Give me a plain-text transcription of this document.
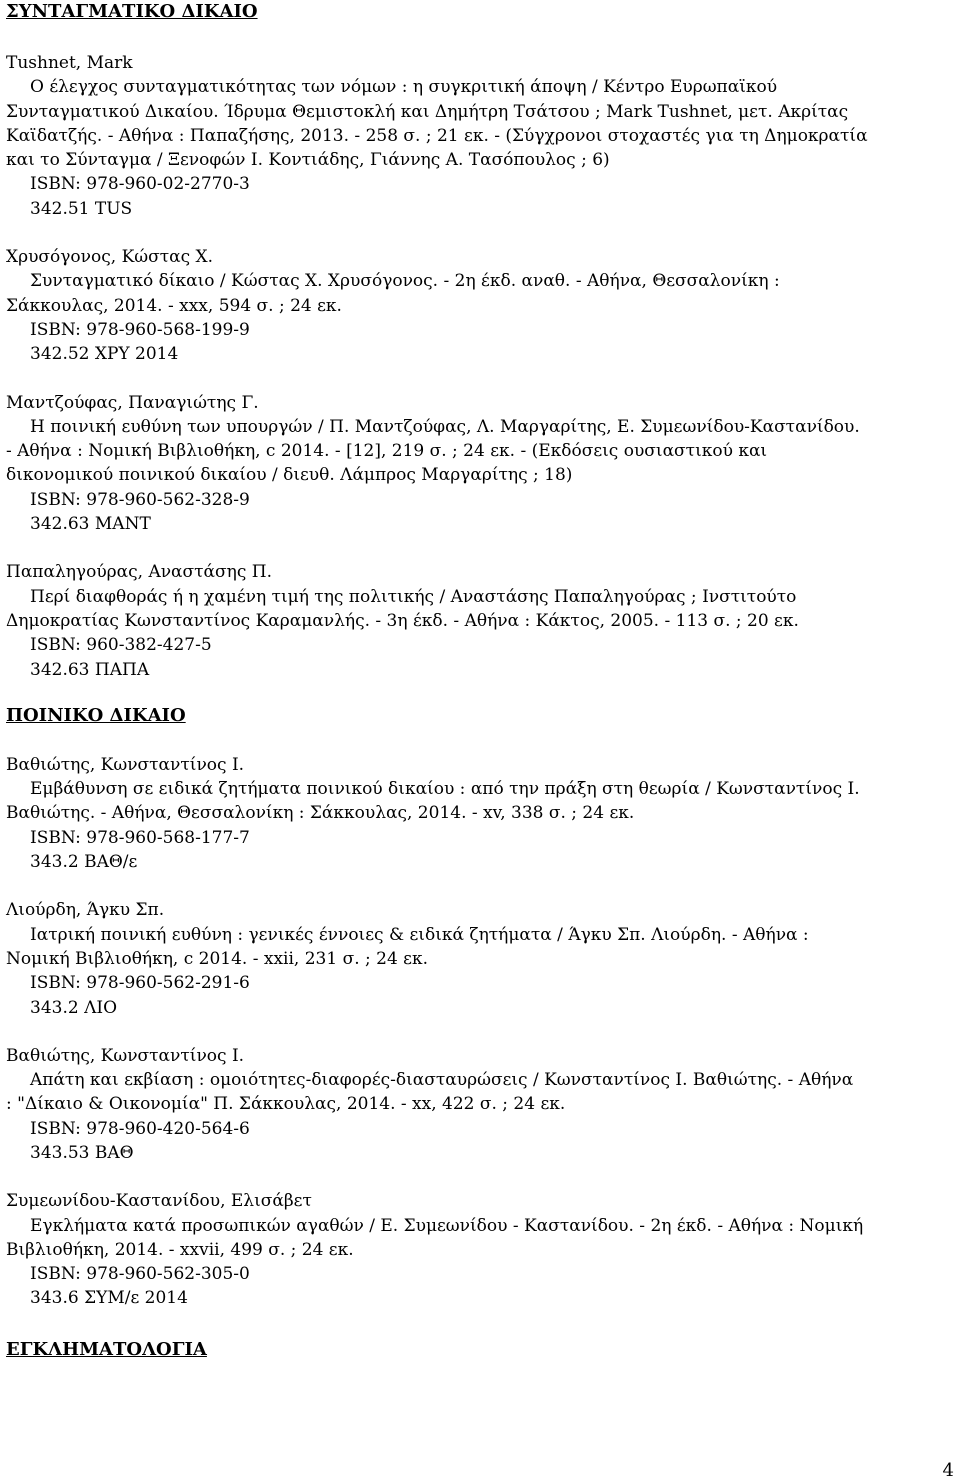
ΣΥΝΤΑΓΜΑΤΙΚΟ ΔΙΚΑΙΟ
Tushnet, Mark
Ο έλεγχος συνταγματικότητας των νόμων : η συγκριτική άποψη / Κέντρο Ευρωπαϊκού
Συνταγματικού Δικαίου. Ίδρυμα Θεμιστοκλή και Δημήτρη Τσάτσου ; Mark Tushnet, μετ. Ακρίτας
Καϊδατζής. - Αθήνα : Παπαζήσης, 2013. - 258 σ. ; 21 εκ. - (Σύγχρονοι στοχαστές για τη Δημοκρατία
και το Σύνταγμα / Ξενοφών Ι. Κοντιάδης, Γιάννης Α. Τασόπουλος ; 6)
ISBN: 978-960-02-2770-3
342.51 TUS
Χρυσόγονος, Κώστας Χ.
Συνταγματικό δίκαιο / Κώστας Χ. Χρυσόγονος. - 2η έκδ. αναθ. - Αθήνα, Θεσσαλονίκη :
Σάκκουλας, 2014. - xxx, 594 σ. ; 24 εκ.
ISBN: 978-960-568-199-9
342.52 ΧΡΥ 2014
Μαντζούφας, Παναγιώτης Γ.
Η ποινική ευθύνη των υπουργών / Π. Μαντζούφας, Λ. Μαργαρίτης, Ε. Συμεωνίδου-Καστανίδου.
- Αθήνα : Νομική Βιβλιοθήκη, c 2014. - [12], 219 σ. ; 24 εκ. - (Εκδόσεις ουσιαστικού και
δικονομικού ποινικού δικαίου / διευθ. Λάμπρος Μαργαρίτης ; 18)
ISBN: 978-960-562-328-9
342.63 ΜΑΝΤ
Παπαληγούρας, Αναστάσης Π.
Περί διαφθοράς ή η χαμένη τιμή της πολιτικής / Αναστάσης Παπαληγούρας ; Ινστιτούτο
Δημοκρατίας Κωνσταντίνος Καραμανλής. - 3η έκδ. - Αθήνα : Κάκτος, 2005. - 113 σ. ; 20 εκ.
ISBN: 960-382-427-5
342.63 ΠΑΠΑ
ΠΟΙΝΙΚΟ ΔΙΚΑΙΟ
Βαθιώτης, Κωνσταντίνος Ι.
Εμβάθυνση σε ειδικά ζητήματα ποινικού δικαίου : από την πράξη στη θεωρία / Κωνσταντίνος Ι.
Βαθιώτης. - Αθήνα, Θεσσαλονίκη : Σάκκουλας, 2014. - xv, 338 σ. ; 24 εκ.
ISBN: 978-960-568-177-7
343.2 ΒΑΘ/ε
Λιούρδη, Άγκυ Σπ.
Ιατρική ποινική ευθύνη : γενικές έννοιες & ειδικά ζητήματα / Άγκυ Σπ. Λιούρδη. - Αθήνα :
Νομική Βιβλιοθήκη, c 2014. - xxii, 231 σ. ; 24 εκ.
ISBN: 978-960-562-291-6
343.2 ΛΙΟ
Βαθιώτης, Κωνσταντίνος Ι.
Απάτη και εκβίαση : ομοιότητες-διαφορές-διασταυρώσεις / Κωνσταντίνος Ι. Βαθιώτης. - Αθήνα
: "Δίκαιο & Οικονομία" Π. Σάκκουλας, 2014. - xx, 422 σ. ; 24 εκ.
ISBN: 978-960-420-564-6
343.53 ΒΑΘ
Συμεωνίδου-Καστανίδου, Ελισάβετ
Εγκλήματα κατά προσωπικών αγαθών / Ε. Συμεωνίδου - Καστανίδου. - 2η έκδ. - Αθήνα : Νομική
Βιβλιοθήκη, 2014. - xxvii, 499 σ. ; 24 εκ.
ISBN: 978-960-562-305-0
343.6 ΣΥΜ/ε 2014
ΕΓΚΛΗΜΑΤΟΛΟΓΙΑ
4
